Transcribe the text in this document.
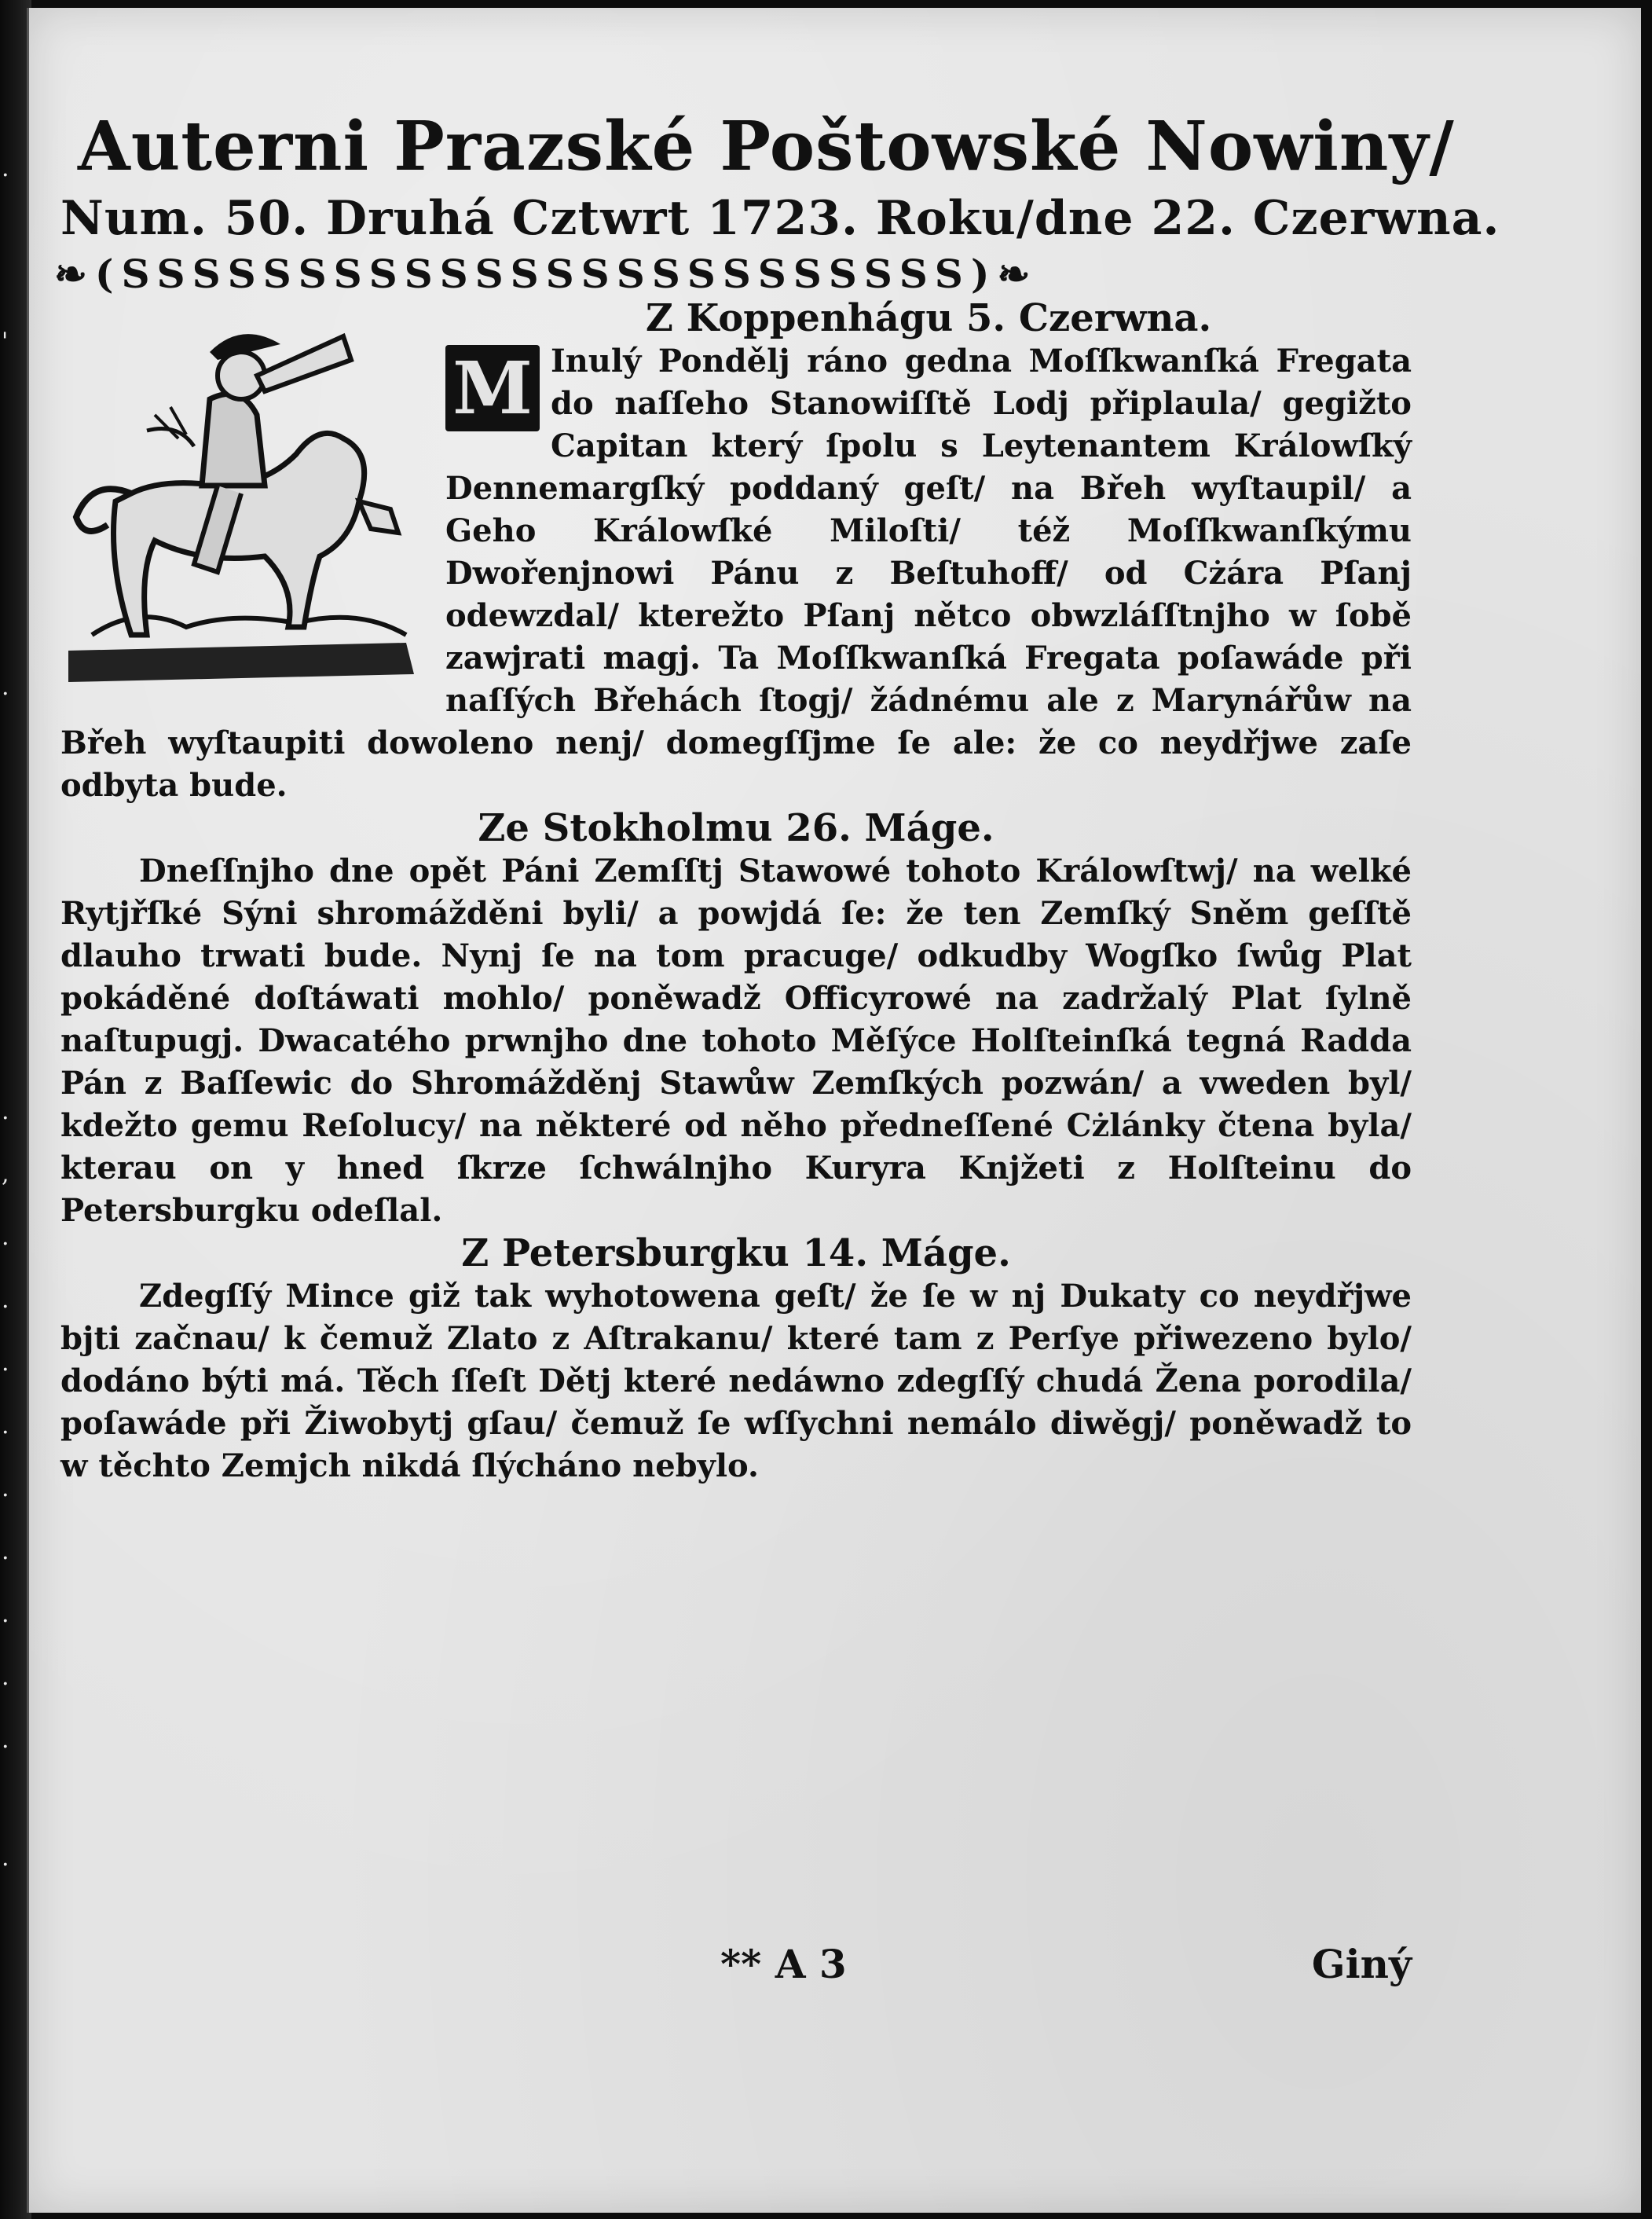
.
'
.
.
,
.
.
.
.
.
.
.
.
.
.
Auterni Prazské Poštowské Nowiny/
Num. 50. Druhá Cztwrt 1723. Roku/dne 22. Czerwna.
❧(SSSSSSSSSSSSSSSSSSSSSSSS)❧
Z Koppenhágu 5. Czerwna.

M Inulý Pondělj ráno gedna Moſſkwanſká Fregata do naſſeho Stanowiſſtě Lodj připlaula/ gegižto Capitan který ſpolu s Leytenantem Králowſký Dennemargſký poddaný geſt/ na Břeh wyſtaupil/ a Geho Králowſké Miloſti/ též Moſſkwanſkýmu Dwořenjnowi Pánu z Beſtuhoff/ od Cżára Pſanj odewzdal/ kterežto Pſanj nětco obwzláſſtnjho w ſobě zawjrati magj. Ta Moſſkwanſká Fregata poſawáde při naſſých Břehách ſtogj/ žádnému ale z Marynářůw na Břeh wyſtaupiti dowoleno nenj/ domegſſjme ſe ale: že co neydřjwe zaſe odbyta bude.

Ze Stokholmu 26. Máge.

Dneſſnjho dne opět Páni Zemſſtj Stawowé tohoto Králowſtwj/ na welké Rytjřſké Sýni shromážděni byli/ a powjdá ſe: že ten Zemſký Sněm geſſtě dlauho trwati bude. Nynj ſe na tom pracuge/ odkudby Wogſko ſwůg Plat pokáděné doſtáwati mohlo/ poněwadž Officyrowé na zadržalý Plat ſylně naſtupugj. Dwacatého prwnjho dne tohoto Měſýce Holſteinſká tegná Radda Pán z Baſſewic do Shromážděnj Stawůw Zemſkých pozwán/ a vweden byl/ kdežto gemu Reſolucy/ na některé od něho předneſſené Cżlánky čtena byla/ kterau on y hned ſkrze ſchwálnjho Kuryra Knjžeti z Holſteinu do Petersburgku odeſlal.

Z Petersburgku 14. Máge.

Zdegſſý Mince giž tak wyhotowena geſt/ že ſe w nj Dukaty co neydřjwe bjti začnau/ k čemuž Zlato z Aſtrakanu/ které tam z Perſye přiwezeno bylo/ dodáno býti má. Těch ſſeſt Dětj které nedáwno zdegſſý chudá Žena porodila/ poſawáde při Žiwobytj gſau/ čemuž ſe wſſychni nemálo diwěgj/ poněwadž to w těchto Zemjch nikdá ſlýcháno nebylo.

** A 3	Giný
